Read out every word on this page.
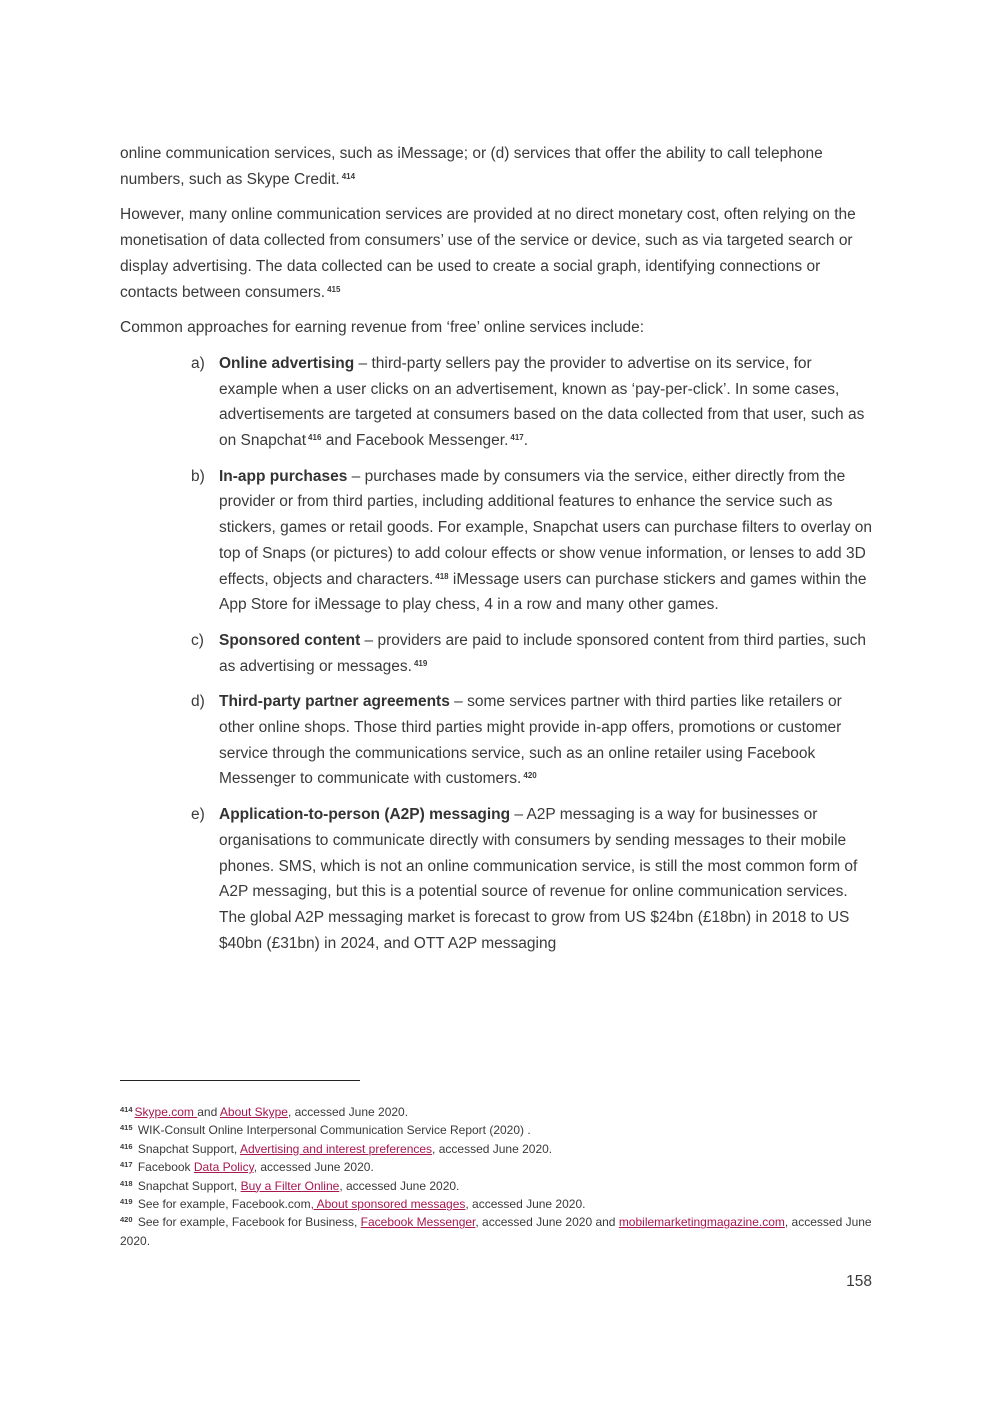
online communication services, such as iMessage; or (d) services that offer the ability to call telephone numbers, such as Skype Credit. $^{414}$

However, many online communication services are provided at no direct monetary cost, often relying on the monetisation of data collected from consumers’ use of the service or device, such as via targeted search or display advertising. The data collected can be used to create a social graph, identifying connections or contacts between consumers. $^{415}$

Common approaches for earning revenue from ‘free’ online services include:

a) Online advertising – third-party sellers pay the provider to advertise on its service, for example when a user clicks on an advertisement, known as ‘pay-per-click’. In some cases, advertisements are targeted at consumers based on the data collected from that user, such as on Snapchat $^{416}$ and Facebook Messenger. $^{417}$.
b) In-app purchases – purchases made by consumers via the service, either directly from the provider or from third parties, including additional features to enhance the service such as stickers, games or retail goods. For example, Snapchat users can purchase filters to overlay on top of Snaps (or pictures) to add colour effects or show venue information, or lenses to add 3D effects, objects and characters. $^{418}$ iMessage users can purchase stickers and games within the App Store for iMessage to play chess, 4 in a row and many other games.
c) Sponsored content – providers are paid to include sponsored content from third parties, such as advertising or messages. $^{419}$
d) Third-party partner agreements – some services partner with third parties like retailers or other online shops. Those third parties might provide in-app offers, promotions or customer service through the communications service, such as an online retailer using Facebook Messenger to communicate with customers. $^{420}$
e) Application-to-person (A2P) messaging – A2P messaging is a way for businesses or organisations to communicate directly with consumers by sending messages to their mobile phones. SMS, which is not an online communication service, is still the most common form of A2P messaging, but this is a potential source of revenue for online communication services. The global A2P messaging market is forecast to grow from US $24bn (£18bn) in 2018 to US $40bn (£31bn) in 2024, and OTT A2P messaging

$^{414}$ Skype.com and About Skype, accessed June 2020.

$^{415}$ WIK-Consult Online Interpersonal Communication Service Report (2020) .

$^{416}$ Snapchat Support, Advertising and interest preferences, accessed June 2020.

$^{417}$ Facebook Data Policy, accessed June 2020.

$^{418}$ Snapchat Support, Buy a Filter Online, accessed June 2020.

$^{419}$ See for example, Facebook.com, About sponsored messages, accessed June 2020.

$^{420}$ See for example, Facebook for Business, Facebook Messenger, accessed June 2020 and mobilemarketingmagazine.com, accessed June 2020.

158
